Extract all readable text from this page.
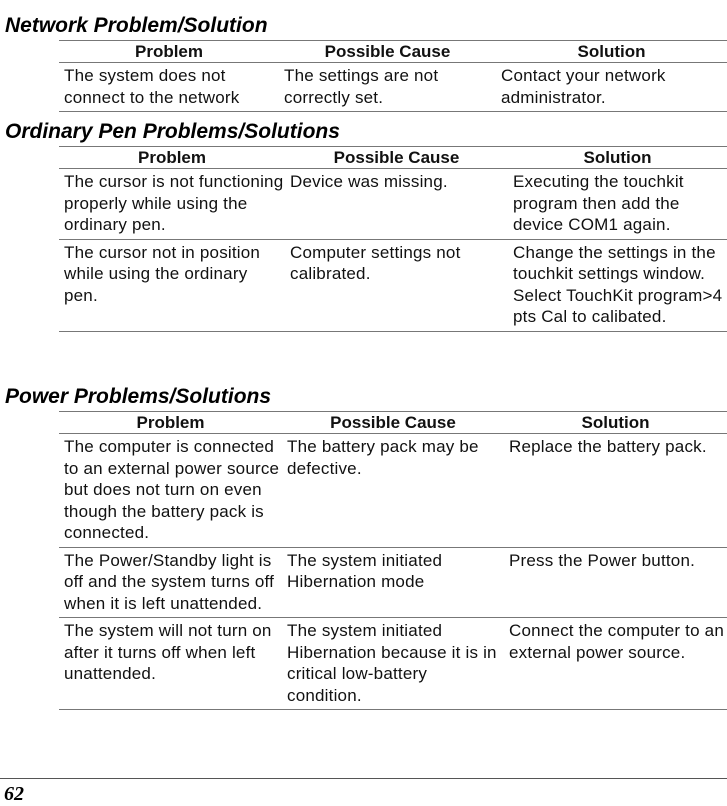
Network Problem/Solution
Problem	Possible Cause	Solution
The system does not connect to the network	The settings are not correctly set.	Contact your network administrator.
Ordinary Pen Problems/Solutions
Problem	Possible Cause	Solution
The cursor is not functioning properly while using the ordinary pen.	Device was missing.	Executing the touchkit program then add the device COM1 again.
The cursor not in position while using the ordinary pen.	Computer settings not calibrated.	Change the settings in the touchkit settings window. Select TouchKit program>4 pts Cal to calibated.
Power Problems/Solutions
Problem	Possible Cause	Solution
The computer is connected to an external power source but does not turn on even though the battery pack is connected.	The battery pack may be defective.	Replace the battery pack.
The Power/Standby light is off and the system turns off when it is left unattended.	The system initiated Hibernation mode	Press the Power button.
The system will not turn on after it turns off when left unattended.	The system initiated Hibernation because it is in critical low-battery condition.	Connect the computer to an external power source.
62
